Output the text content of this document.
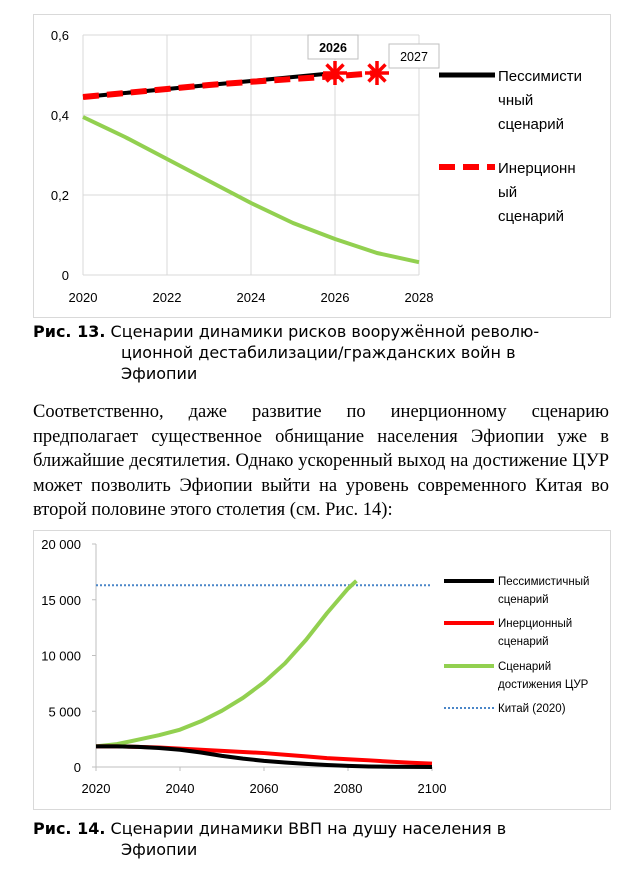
0
0,2
0,4
0,6
2020	2022	2024	2026	2028
2026
2027
Пессимисти
чный
сценарий
Инерционн
ый
сценарий
Рис. 13. Сценарии динамики рисков вооружённой револю-
ционной дестабилизации/гражданских войн в
Эфиопии
Соответственно, даже развитие по инерционному сценарию предполагает существенное обнищание населения Эфиопии уже в ближайшие десятилетия. Однако ускоренный выход на достижение ЦУР может позволить Эфиопии выйти на уровень современного Китая во второй половине этого столетия (см. Рис. 14):
0
5 000
10 000
15 000
20 000
2020	2040	2060	2080	2100
Пессимистичный
сценарий
Инерционный
сценарий
Сценарий
достижения ЦУР
Китай (2020)
Рис. 14. Сценарии динамики ВВП на душу населения в
Эфиопии
